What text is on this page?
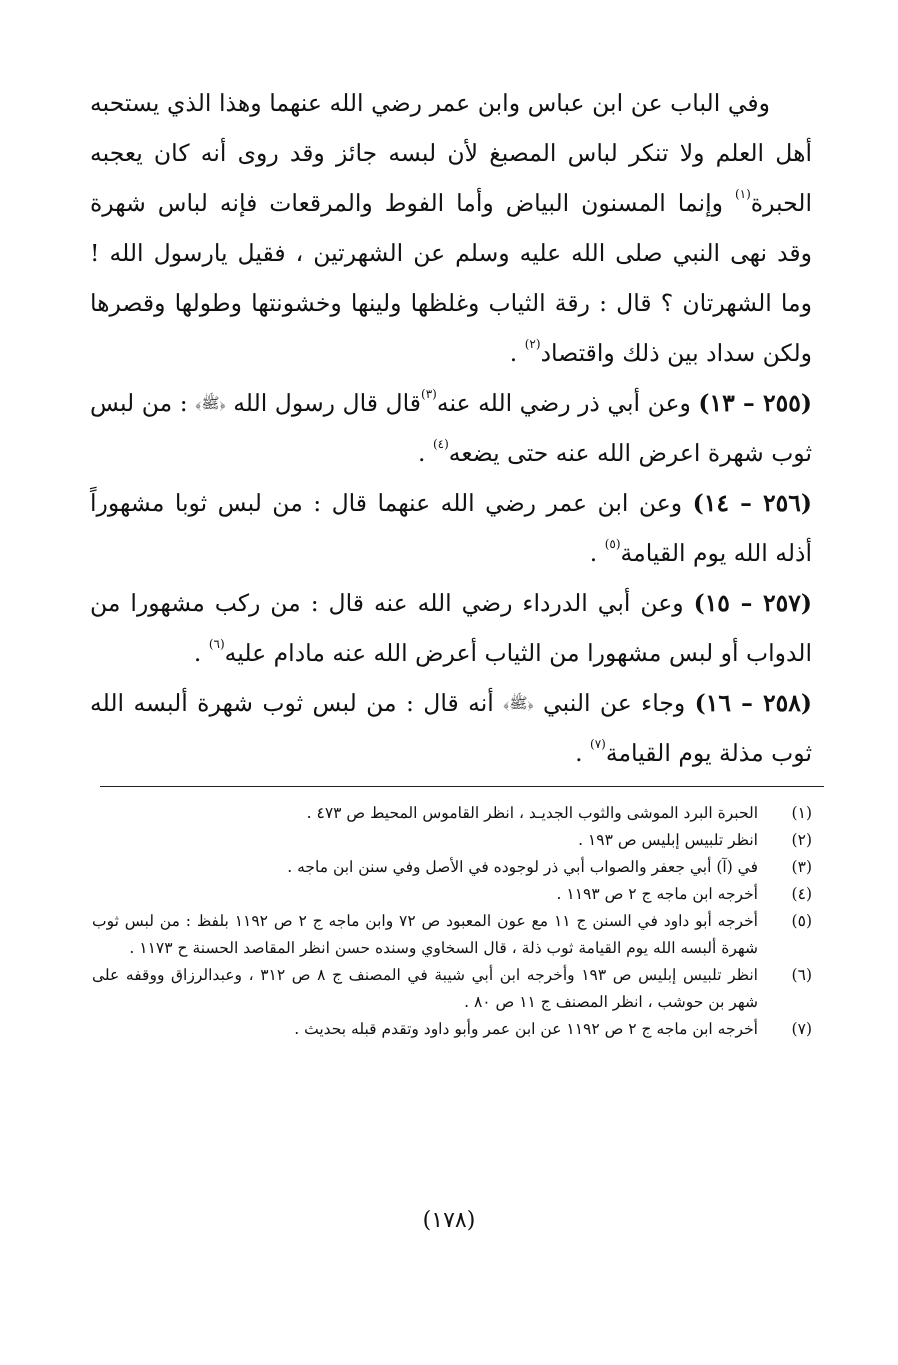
وفي الباب عن ابن عباس وابن عمر رضي الله عنهما وهذا الذي يستحبه أهل العلم ولا تنكر لباس المصبغ لأن لبسه جائز وقد روى أنه كان يعجبه الحبرة$^{(١)}$ وإنما المسنون البياض وأما الفوط والمرقعات فإنه لباس شهرة وقد نهى النبي صلى الله عليه وسلم عن الشهرتين ، فقيل يارسول الله ! وما الشهرتان ؟ قال : رقة الثياب وغلظها ولينها وخشونتها وطولها وقصرها ولكن سداد بين ذلك واقتصاد$^{(٢)}$ .

(٢٥٥ – ١٣) وعن أبي ذر رضي الله عنه$^{(٣)}$قال قال رسول الله ﴿ﷺ﴾ : من لبس ثوب شهرة اعرض الله عنه حتى يضعه$^{(٤)}$ .

(٢٥٦ – ١٤) وعن ابن عمر رضي الله عنهما قال : من لبس ثوبا مشهوراً أذله الله يوم القيامة$^{(٥)}$ .

(٢٥٧ – ١٥) وعن أبي الدرداء رضي الله عنه قال : من ركب مشهورا من الدواب أو لبس مشهورا من الثياب أعرض الله عنه مادام عليه$^{(٦)}$ .

(٢٥٨ – ١٦) وجاء عن النبي ﴿ﷺ﴾ أنه قال : من لبس ثوب شهرة ألبسه الله ثوب مذلة يوم القيامة$^{(٧)}$ .

(١)
الحبرة البرد الموشى والثوب الجديـد ، انظر القاموس المحيط ص ٤٧٣ .
(٢)
انظر تلبيس إبليس ص ١٩٣ .
(٣)
في (آ) أبي جعفر والصواب أبي ذر لوجوده في الأصل وفي سنن ابن ماجه .
(٤)
أخرجه ابن ماجه ج ٢ ص ١١٩٣ .
(٥)
أخرجه أبو داود في السنن ج ١١ مع عون المعبود ص ٧٢ وابن ماجه ج ٢ ص ١١٩٢ بلفظ : من لبس ثوب شهرة ألبسه الله يوم القيامة ثوب ذلة ، قال السخاوي وسنده حسن انظر المقاصد الحسنة ح ١١٧٣ .
(٦)
انظر تلبيس إبليس ص ١٩٣ وأخرجه ابن أبي شيبة في المصنف ج ٨ ص ٣١٢ ، وعبدالرزاق ووقفه على شهر بن حوشب ، انظر المصنف ج ١١ ص ٨٠ .
(٧)
أخرجه ابن ماجه ج ٢ ص ١١٩٢ عن ابن عمر وأبو داود وتقدم قبله بحديث .
(١٧٨)
